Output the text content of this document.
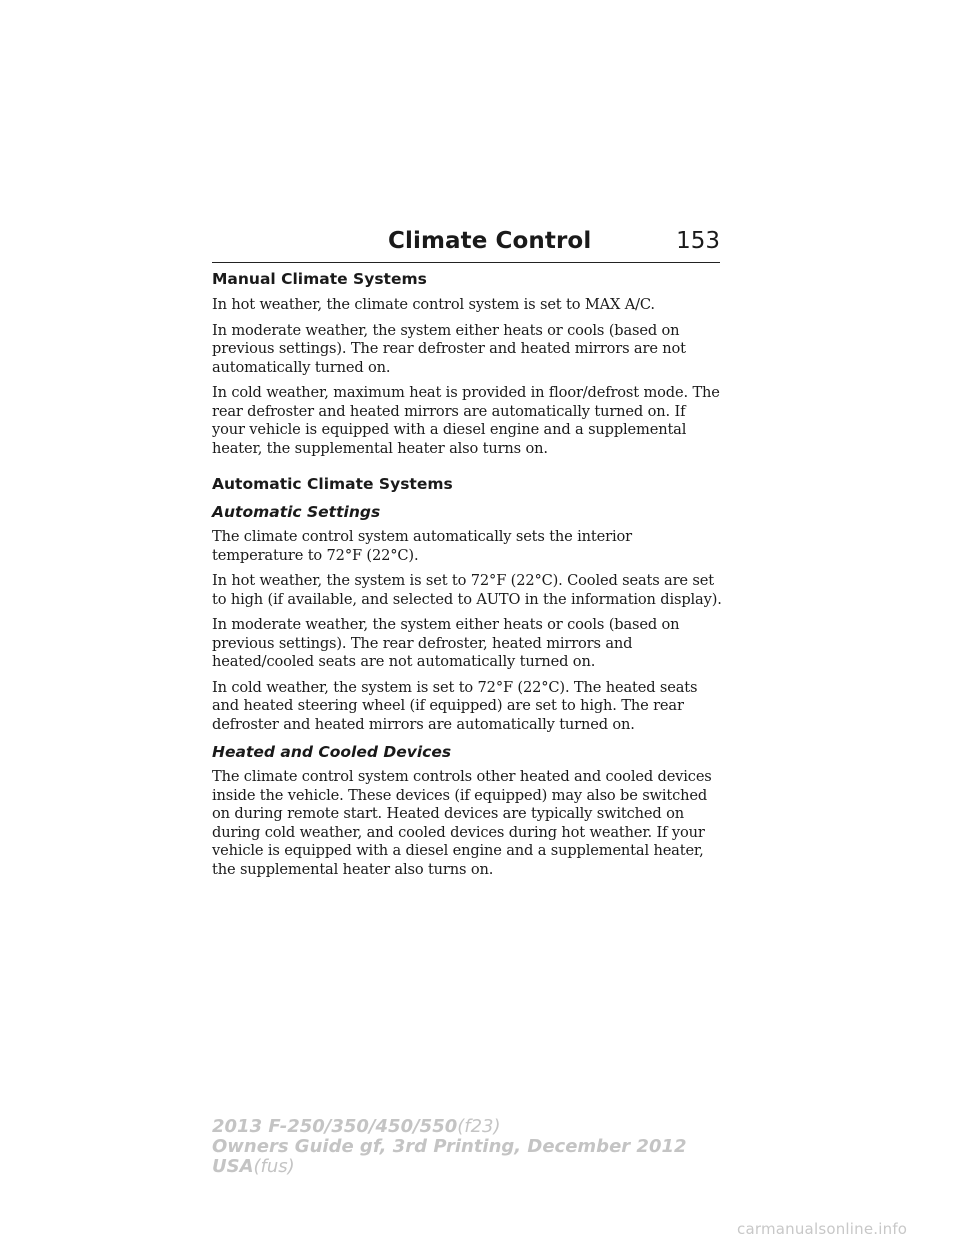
Climate Control	153
Manual Climate Systems

In hot weather, the climate control system is set to MAX A/C.

In moderate weather, the system either heats or cools (based on previous settings). The rear defroster and heated mirrors are not automatically turned on.

In cold weather, maximum heat is provided in floor/defrost mode. The rear defroster and heated mirrors are automatically turned on. If your vehicle is equipped with a diesel engine and a supplemental heater, the supplemental heater also turns on.

Automatic Climate Systems
Automatic Settings

The climate control system automatically sets the interior temperature to 72°F (22°C).

In hot weather, the system is set to 72°F (22°C). Cooled seats are set to high (if available, and selected to AUTO in the information display).

In moderate weather, the system either heats or cools (based on previous settings). The rear defroster, heated mirrors and heated/cooled seats are not automatically turned on.

In cold weather, the system is set to 72°F (22°C). The heated seats and heated steering wheel (if equipped) are set to high. The rear defroster and heated mirrors are automatically turned on.

Heated and Cooled Devices

The climate control system controls other heated and cooled devices inside the vehicle. These devices (if equipped) may also be switched on during remote start. Heated devices are typically switched on during cold weather, and cooled devices during hot weather. If your vehicle is equipped with a diesel engine and a supplemental heater, the supplemental heater also turns on.

2013 F-250/350/450/550(f23)
Owners Guide gf, 3rd Printing, December 2012
USA(fus)
carmanualsonline.info
